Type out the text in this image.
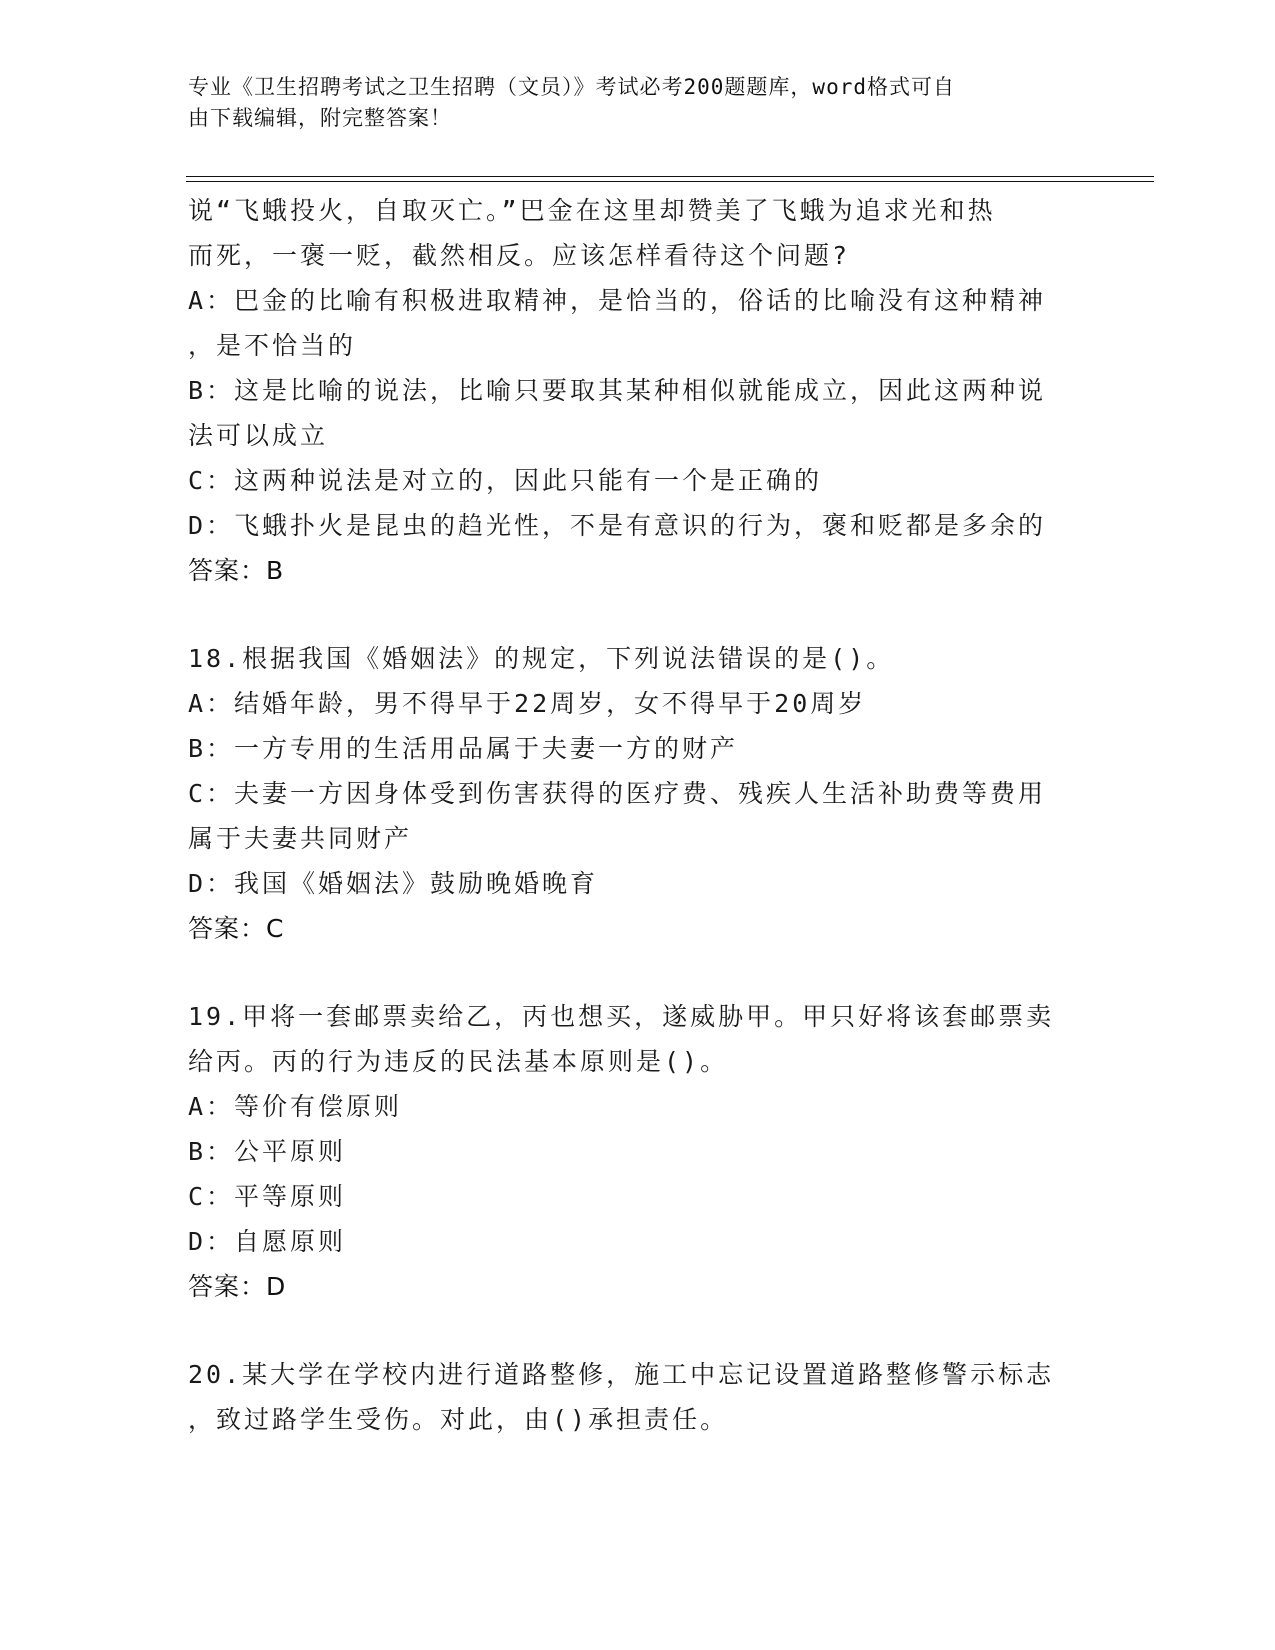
专业《卫生招聘考试之卫生招聘（文员）》考试必考200题题库，word格式可自
由下载编辑，附完整答案！

说“飞蛾投火，自取灭亡。”巴金在这里却赞美了飞蛾为追求光和热

而死，一褒一贬，截然相反。应该怎样看待这个问题?

A：巴金的比喻有积极进取精神，是恰当的，俗话的比喻没有这种精神

，是不恰当的

B：这是比喻的说法，比喻只要取其某种相似就能成立，因此这两种说

法可以成立

C：这两种说法是对立的，因此只能有一个是正确的

D：飞蛾扑火是昆虫的趋光性，不是有意识的行为，褒和贬都是多余的

答案：B

18.根据我国《婚姻法》的规定，下列说法错误的是()。

A：结婚年龄，男不得早于22周岁，女不得早于20周岁

B：一方专用的生活用品属于夫妻一方的财产

C：夫妻一方因身体受到伤害获得的医疗费、残疾人生活补助费等费用

属于夫妻共同财产

D：我国《婚姻法》鼓励晚婚晚育

答案：C

19.甲将一套邮票卖给乙，丙也想买，遂威胁甲。甲只好将该套邮票卖

给丙。丙的行为违反的民法基本原则是()。

A：等价有偿原则

B：公平原则

C：平等原则

D：自愿原则

答案：D

20.某大学在学校内进行道路整修，施工中忘记设置道路整修警示标志

，致过路学生受伤。对此，由()承担责任。
